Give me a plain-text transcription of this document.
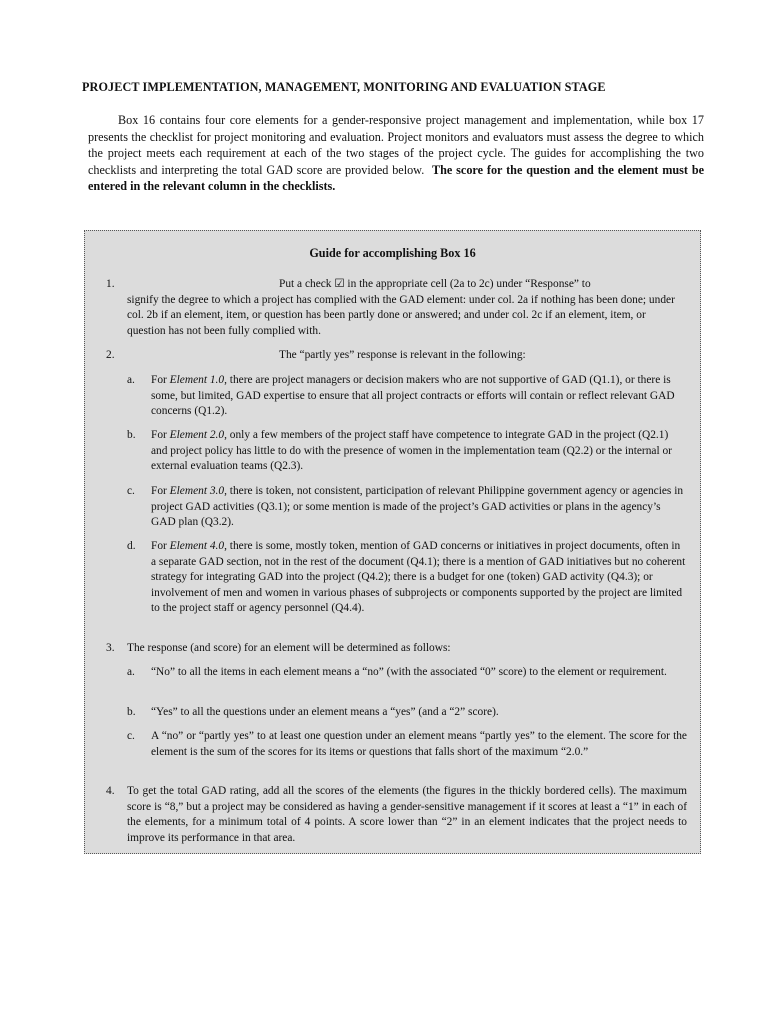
PROJECT IMPLEMENTATION, MANAGEMENT, MONITORING AND EVALUATION STAGE

Box 16 contains four core elements for a gender-responsive project management and implementation, while box 17 presents the checklist for project monitoring and evaluation. Project monitors and evaluators must assess the degree to which the project meets each requirement at each of the two stages of the project cycle. The guides for accomplishing the two checklists and interpreting the total GAD score are provided below. The score for the question and the element must be entered in the relevant column in the checklists.

Guide for accomplishing Box 16
1.	Put a check ☑ in the appropriate cell (2a to 2c) under “Response” to
signify the degree to which a project has complied with the GAD element: under col. 2a if nothing has been done; under col. 2b if an element, item, or question has been partly done or answered; and under col. 2c if an element, item, or question has not been fully complied with.
2.	The “partly yes” response is relevant in the following:
a. For Element 1.0, there are project managers or decision makers who are not supportive of GAD (Q1.1), or there is some, but limited, GAD expertise to ensure that all project contracts or efforts will contain or reflect relevant GAD concerns (Q1.2).
b. For Element 2.0, only a few members of the project staff have competence to integrate GAD in the project (Q2.1) and project policy has little to do with the presence of women in the implementation team (Q2.2) or the internal or external evaluation teams (Q2.3).
c. For Element 3.0, there is token, not consistent, participation of relevant Philippine government agency or agencies in project GAD activities (Q3.1); or some mention is made of the project’s GAD activities or plans in the agency’s GAD plan (Q3.2).
d. For Element 4.0, there is some, mostly token, mention of GAD concerns or initiatives in project documents, often in a separate GAD section, not in the rest of the document (Q4.1); there is a mention of GAD initiatives but no coherent strategy for integrating GAD into the project (Q4.2); there is a budget for one (token) GAD activity (Q4.3); or involvement of men and women in various phases of subprojects or components supported by the project are limited to the project staff or agency personnel (Q4.4).
3. The response (and score) for an element will be determined as follows:
a. “No” to all the items in each element means a “no” (with the associated “0” score) to the element or requirement.
b. “Yes” to all the questions under an element means a “yes” (and a “2” score).
c. A “no” or “partly yes” to at least one question under an element means “partly yes” to the element. The score for the element is the sum of the scores for its items or questions that falls short of the maximum “2.0.”
4. To get the total GAD rating, add all the scores of the elements (the figures in the thickly bordered cells). The maximum score is “8,” but a project may be considered as having a gender-sensitive management if it scores at least a “1” in each of the elements, for a minimum total of 4 points. A score lower than “2” in an element indicates that the project needs to improve its performance in that area.
